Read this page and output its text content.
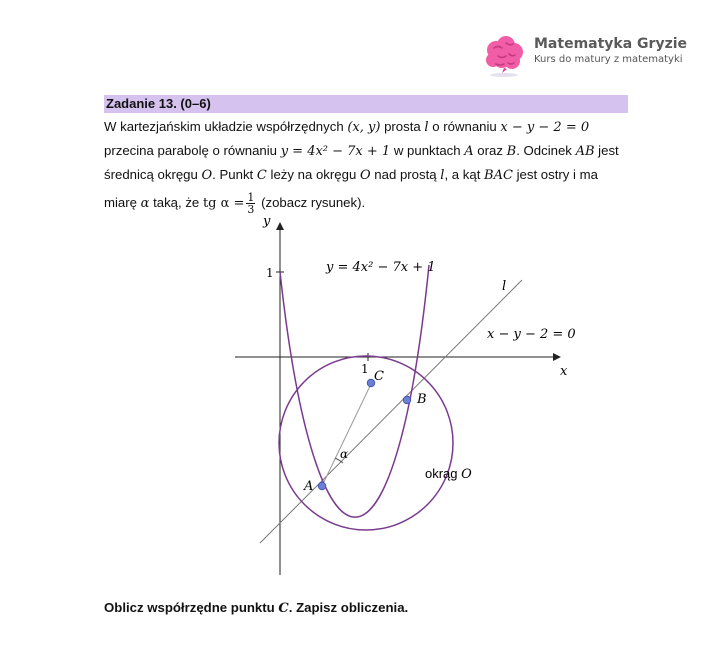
Matematyka Gryzie
Kurs do matury z matematyki
Zadanie 13. (0–6)

W kartezjańskim układzie współrzędnych (x, y) prosta l o równaniu x − y − 2 = 0

przecina parabolę o równaniu y = 4x² − 7x + 1 w punktach A oraz B. Odcinek AB jest

średnicą okręgu O. Punkt C leży na okręgu O nad prostą l, a kąt BAC jest ostry i ma

miarę α taką, że tg $\alpha = \frac{1}{3}$ (zobacz rysunek).

x
y
1
1
A
B
C
α
y = 4x² − 7x + 1
l
x − y − 2 = 0
okrąg O
Oblicz współrzędne punktu C. Zapisz obliczenia.
